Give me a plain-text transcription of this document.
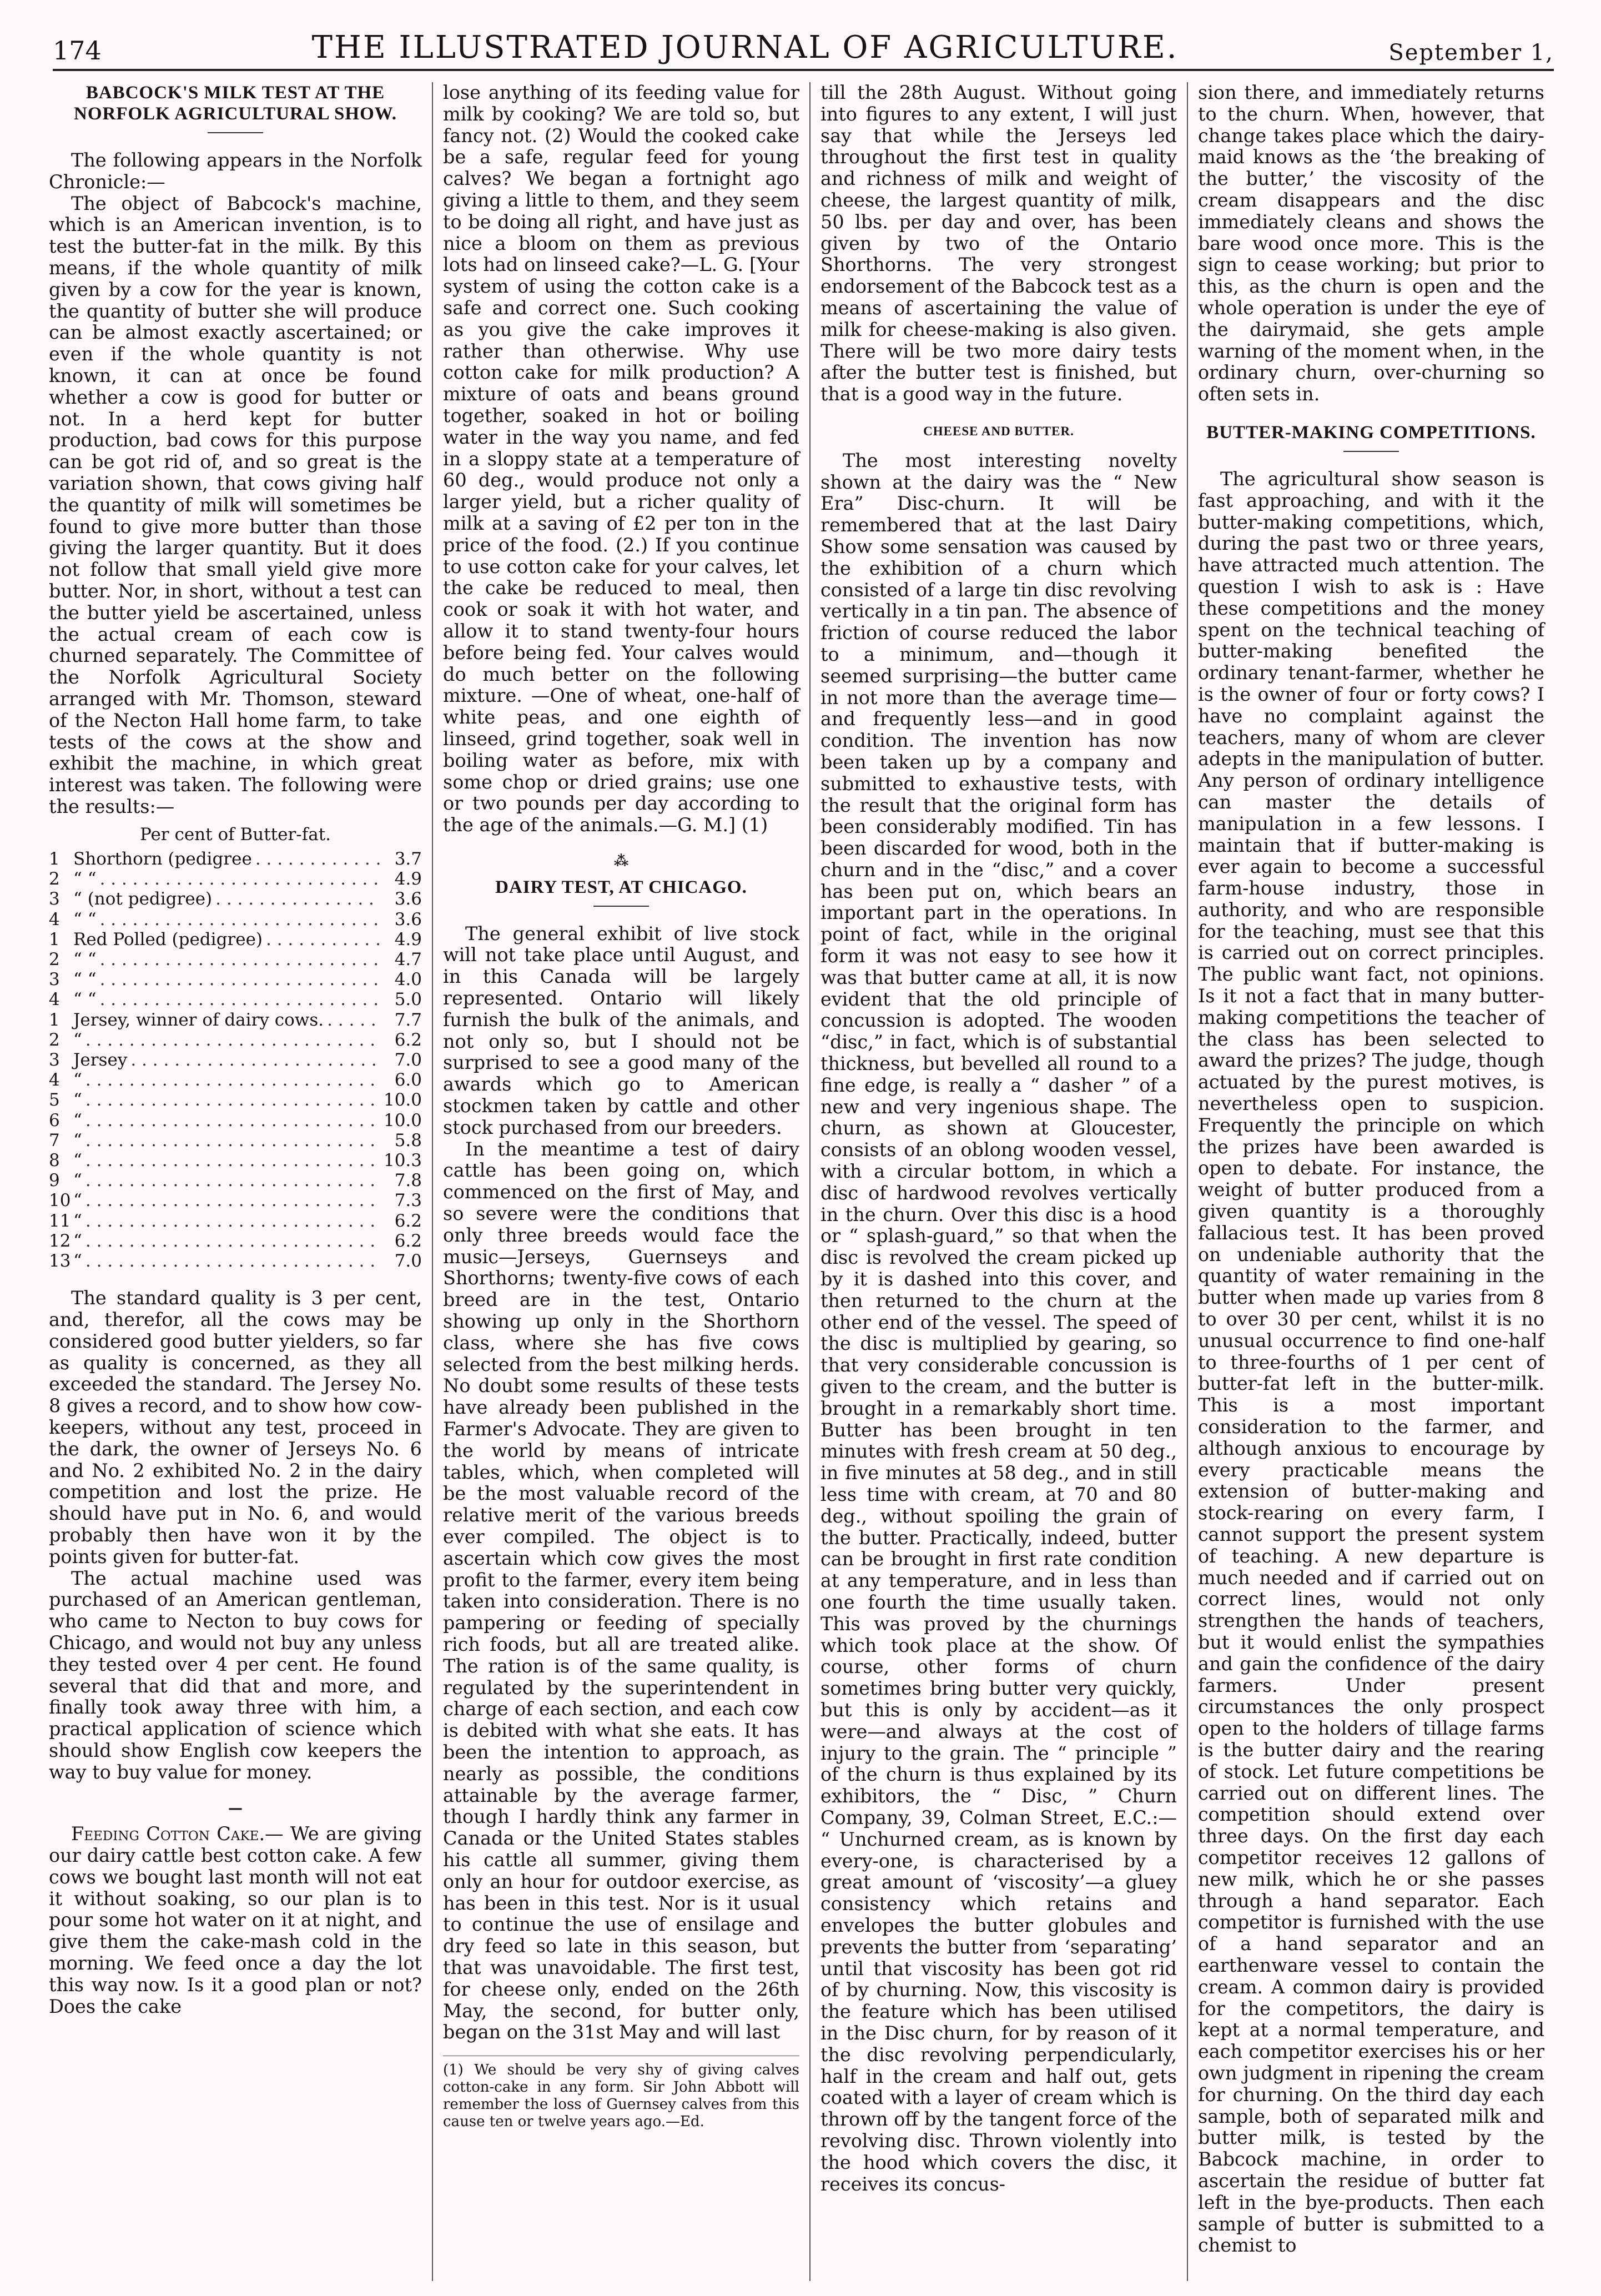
174	THE ILLUSTRATED JOURNAL OF AGRICULTURE.	September 1,
BABCOCK'S MILK TEST AT THE NORFOLK AGRICULTURAL SHOW.

The following appears in the Norfolk Chronicle:—

The object of Babcock's machine, which is an American invention, is to test the butter-fat in the milk. By this means, if the whole quantity of milk given by a cow for the year is known, the quantity of butter she will produce can be almost exactly ascertained; or even if the whole quantity is not known, it can at once be found whether a cow is good for butter or not. In a herd kept for butter production, bad cows for this purpose can be got rid of, and so great is the variation shown, that cows giving half the quantity of milk will sometimes be found to give more butter than those giving the larger quantity. But it does not follow that small yield give more butter. Nor, in short, without a test can the butter yield be ascertained, unless the actual cream of each cow is churned separately. The Committee of the Norfolk Agricultural Society arranged with Mr. Thomson, steward of the Necton Hall home farm, to take tests of the cows at the show and exhibit the machine, in which great interest was taken. The following were the results:—

Per cent of Butter-fat.
1 Shorthorn (pedigree . . .	3.7
2 “ “ . . .	4.9
3 “ (not pedigree) . . .	3.6
4 “ “ . . .	3.6
1 Red Polled (pedigree) . . .	4.9
2 “ “ . . .	4.7
3 “ “ . . .	4.0
4 “ “ . . .	5.0
1 Jersey, winner of dairy cows. . . .	7.7
2 “ . . .	6.2
3 Jersey . . .	7.0
4 “ . . .	6.0
5 “ . . .	10.0
6 “ . . .	10.0
7 “ . . .	5.8
8 “ . . .	10.3
9 “ . . .	7.8
10 “ . . .	7.3
11 “ . . .	6.2
12 “ . . .	6.2
13 “ . . .	7.0

The standard quality is 3 per cent, and, therefor, all the cows may be considered good butter yielders, so far as quality is concerned, as they all exceeded the standard. The Jersey No. 8 gives a record, and to show how cow-keepers, without any test, proceed in the dark, the owner of Jerseys No. 6 and No. 2 exhibited No. 2 in the dairy competition and lost the prize. He should have put in No. 6, and would probably then have won it by the points given for butter-fat.

The actual machine used was purchased of an American gentleman, who came to Necton to buy cows for Chicago, and would not buy any unless they tested over 4 per cent. He found several that did that and more, and finally took away three with him, a practical application of science which should show English cow keepers the way to buy value for money.

—

Feeding Cotton Cake.— We are giving our dairy cattle best cotton cake. A few cows we bought last month will not eat it without soaking, so our plan is to pour some hot water on it at night, and give them the cake-mash cold in the morning. We feed once a day the lot this way now. Is it a good plan or not? Does the cake

lose anything of its feeding value for milk by cooking? We are told so, but fancy not. (2) Would the cooked cake be a safe, regular feed for young calves? We began a fortnight ago giving a little to them, and they seem to be doing all right, and have just as nice a bloom on them as previous lots had on linseed cake?—L. G. [Your system of using the cotton cake is a safe and correct one. Such cooking as you give the cake improves it rather than otherwise. Why use cotton cake for milk production? A mixture of oats and beans ground together, soaked in hot or boiling water in the way you name, and fed in a sloppy state at a temperature of 60 deg., would produce not only a larger yield, but a richer quality of milk at a saving of £2 per ton in the price of the food. (2.) If you continue to use cotton cake for your calves, let the cake be reduced to meal, then cook or soak it with hot water, and allow it to stand twenty-four hours before being fed. Your calves would do much better on the following mixture. —One of wheat, one-half of white peas, and one eighth of linseed, grind together, soak well in boiling water as before, mix with some chop or dried grains; use one or two pounds per day according to the age of the animals.—G. M.] (1)

⁂
DAIRY TEST, AT CHICAGO.

The general exhibit of live stock will not take place until August, and in this Canada will be largely represented. Ontario will likely furnish the bulk of the animals, and not only so, but I should not be surprised to see a good many of the awards which go to American stockmen taken by cattle and other stock purchased from our breeders.

In the meantime a test of dairy cattle has been going on, which commenced on the first of May, and so severe were the conditions that only three breeds would face the music—Jerseys, Guernseys and Shorthorns; twenty-five cows of each breed are in the test, Ontario showing up only in the Shorthorn class, where she has five cows selected from the best milking herds. No doubt some results of these tests have already been published in the Farmer's Advocate. They are given to the world by means of intricate tables, which, when completed will be the most valuable record of the relative merit of the various breeds ever compiled. The object is to ascertain which cow gives the most profit to the farmer, every item being taken into consideration. There is no pampering or feeding of specially rich foods, but all are treated alike. The ration is of the same quality, is regulated by the superintendent in charge of each section, and each cow is debited with what she eats. It has been the intention to approach, as nearly as possible, the conditions attainable by the average farmer, though I hardly think any farmer in Canada or the United States stables his cattle all summer, giving them only an hour for outdoor exercise, as has been in this test. Nor is it usual to continue the use of ensilage and dry feed so late in this season, but that was unavoidable. The first test, for cheese only, ended on the 26th May, the second, for butter only, began on the 31st May and will last

(1) We should be very shy of giving calves cotton-cake in any form. Sir John Abbott will remember the loss of Guernsey calves from this cause ten or twelve years ago.—Ed.

till the 28th August. Without going into figures to any extent, I will just say that while the Jerseys led throughout the first test in quality and richness of milk and weight of cheese, the largest quantity of milk, 50 lbs. per day and over, has been given by two of the Ontario Shorthorns. The very strongest endorsement of the Babcock test as a means of ascertaining the value of milk for cheese-making is also given. There will be two more dairy tests after the butter test is finished, but that is a good way in the future.

CHEESE AND BUTTER.

The most interesting novelty shown at the dairy was the “ New Era” Disc-churn. It will be remembered that at the last Dairy Show some sensation was caused by the exhibition of a churn which consisted of a large tin disc revolving vertically in a tin pan. The absence of friction of course reduced the labor to a minimum, and—though it seemed surprising—the butter came in not more than the average time—and frequently less—and in good condition. The invention has now been taken up by a company and submitted to exhaustive tests, with the result that the original form has been considerably modified. Tin has been discarded for wood, both in the churn and in the “disc,” and a cover has been put on, which bears an important part in the operations. In point of fact, while in the original form it was not easy to see how it was that butter came at all, it is now evident that the old principle of concussion is adopted. The wooden “disc,” in fact, which is of substantial thickness, but bevelled all round to a fine edge, is really a “ dasher ” of a new and very ingenious shape. The churn, as shown at Gloucester, consists of an oblong wooden vessel, with a circular bottom, in which a disc of hardwood revolves vertically in the churn. Over this disc is a hood or “ splash-guard,” so that when the disc is revolved the cream picked up by it is dashed into this cover, and then returned to the churn at the other end of the vessel. The speed of the disc is multiplied by gearing, so that very considerable concussion is given to the cream, and the butter is brought in a remarkably short time. Butter has been brought in ten minutes with fresh cream at 50 deg., in five minutes at 58 deg., and in still less time with cream, at 70 and 80 deg., without spoiling the grain of the butter. Practically, indeed, butter can be brought in first rate condition at any temperature, and in less than one fourth the time usually taken. This was proved by the churnings which took place at the show. Of course, other forms of churn sometimes bring butter very quickly, but this is only by accident—as it were—and always at the cost of injury to the grain. The “ principle ” of the churn is thus explained by its exhibitors, the “ Disc, ” Churn Company, 39, Colman Street, E.C.:— “ Unchurned cream, as is known by every-one, is characterised by a great amount of ‘viscosity’—a gluey consistency which retains and envelopes the butter globules and prevents the butter from ‘separating’ until that viscosity has been got rid of by churning. Now, this viscosity is the feature which has been utilised in the Disc churn, for by reason of it the disc revolving perpendicularly, half in the cream and half out, gets coated with a layer of cream which is thrown off by the tangent force of the revolving disc. Thrown violently into the hood which covers the disc, it receives its concus-

sion there, and immediately returns to the churn. When, however, that change takes place which the dairy-maid knows as the ‘the breaking of the butter,’ the viscosity of the cream disappears and the disc immediately cleans and shows the bare wood once more. This is the sign to cease working; but prior to this, as the churn is open and the whole operation is under the eye of the dairymaid, she gets ample warning of the moment when, in the ordinary churn, over-churning so often sets in.

BUTTER-MAKING COMPETITIONS.

The agricultural show season is fast approaching, and with it the butter-making competitions, which, during the past two or three years, have attracted much attention. The question I wish to ask is : Have these competitions and the money spent on the technical teaching of butter-making benefited the ordinary tenant-farmer, whether he is the owner of four or forty cows? I have no complaint against the teachers, many of whom are clever adepts in the manipulation of butter. Any person of ordinary intelligence can master the details of manipulation in a few lessons. I maintain that if butter-making is ever again to become a successful farm-house industry, those in authority, and who are responsible for the teaching, must see that this is carried out on correct principles. The public want fact, not opinions. Is it not a fact that in many butter-making competitions the teacher of the class has been selected to award the prizes? The judge, though actuated by the purest motives, is nevertheless open to suspicion. Frequently the principle on which the prizes have been awarded is open to debate. For instance, the weight of butter produced from a given quantity is a thoroughly fallacious test. It has been proved on undeniable authority that the quantity of water remaining in the butter when made up varies from 8 to over 30 per cent, whilst it is no unusual occurrence to find one-half to three-fourths of 1 per cent of butter-fat left in the butter-milk. This is a most important consideration to the farmer, and although anxious to encourage by every practicable means the extension of butter-making and stock-rearing on every farm, I cannot support the present system of teaching. A new departure is much needed and if carried out on correct lines, would not only strengthen the hands of teachers, but it would enlist the sympathies and gain the confidence of the dairy farmers. Under present circumstances the only prospect open to the holders of tillage farms is the butter dairy and the rearing of stock. Let future competitions be carried out on different lines. The competition should extend over three days. On the first day each competitor receives 12 gallons of new milk, which he or she passes through a hand separator. Each competitor is furnished with the use of a hand separator and an earthenware vessel to contain the cream. A common dairy is provided for the competitors, the dairy is kept at a normal temperature, and each competitor exercises his or her own judgment in ripening the cream for churning. On the third day each sample, both of separated milk and butter milk, is tested by the Babcock machine, in order to ascertain the residue of butter fat left in the bye-products. Then each sample of butter is submitted to a chemist to
